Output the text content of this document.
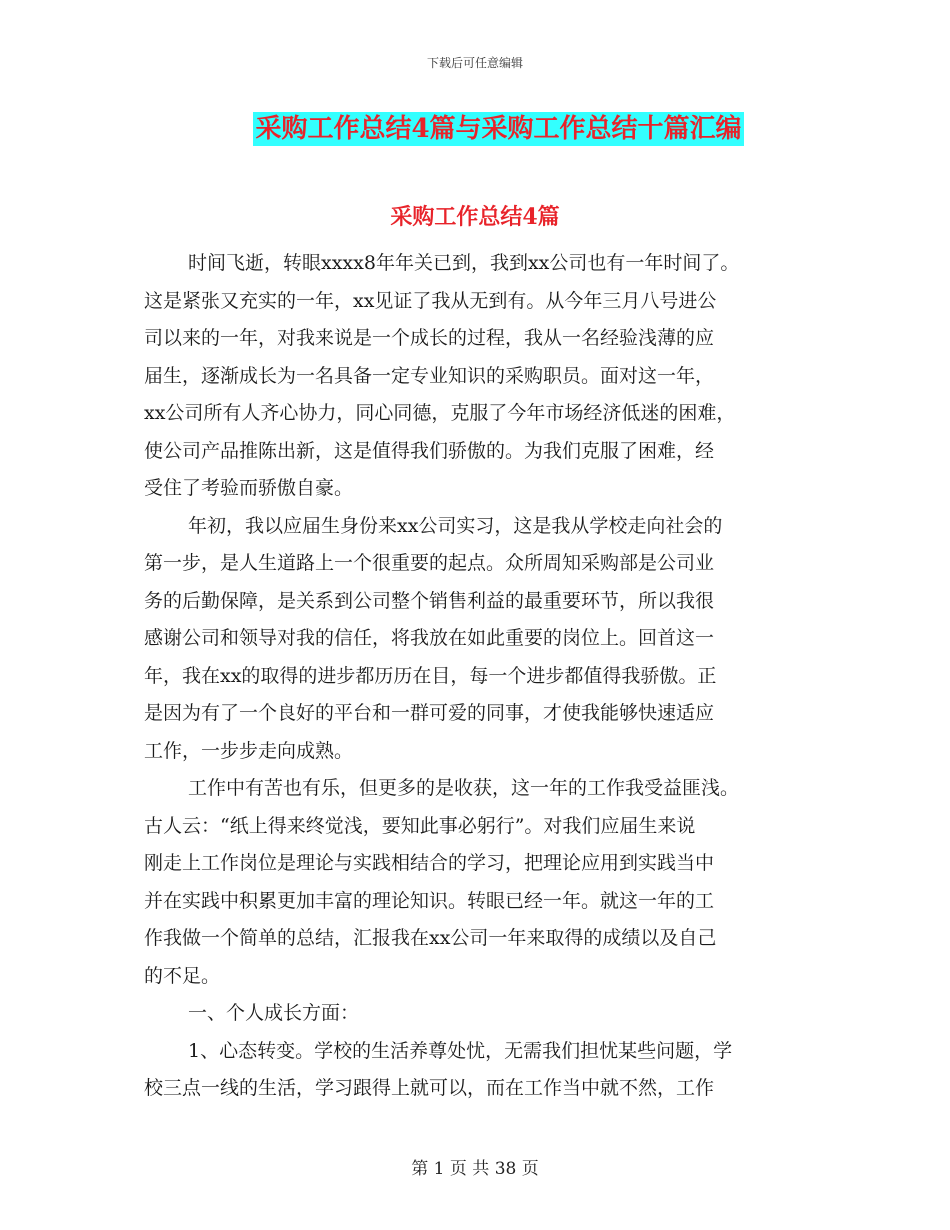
下载后可任意编辑
采购工作总结4篇与采购工作总结十篇汇编
采购工作总结4篇

时间飞逝，转眼xxxx8年年关已到，我到xx公司也有一年时间了。
这是紧张又充实的一年，xx见证了我从无到有。从今年三月八号进公
司以来的一年，对我来说是一个成长的过程，我从一名经验浅薄的应
届生，逐渐成长为一名具备一定专业知识的采购职员。面对这一年，
xx公司所有人齐心协力，同心同德，克服了今年市场经济低迷的困难，
使公司产品推陈出新，这是值得我们骄傲的。为我们克服了困难，经
受住了考验而骄傲自豪。

年初，我以应届生身份来xx公司实习，这是我从学校走向社会的
第一步，是人生道路上一个很重要的起点。众所周知采购部是公司业
务的后勤保障，是关系到公司整个销售利益的最重要环节，所以我很
感谢公司和领导对我的信任，将我放在如此重要的岗位上。回首这一
年，我在xx的取得的进步都历历在目，每一个进步都值得我骄傲。正
是因为有了一个良好的平台和一群可爱的同事，才使我能够快速适应
工作，一步步走向成熟。

工作中有苦也有乐，但更多的是收获，这一年的工作我受益匪浅。
古人云：“纸上得来终觉浅，要知此事必躬行”。对我们应届生来说
刚走上工作岗位是理论与实践相结合的学习，把理论应用到实践当中
并在实践中积累更加丰富的理论知识。转眼已经一年。就这一年的工
作我做一个简单的总结，汇报我在xx公司一年来取得的成绩以及自己
的不足。

一、个人成长方面：

1、心态转变。学校的生活养尊处忧，无需我们担忧某些问题，学
校三点一线的生活，学习跟得上就可以，而在工作当中就不然，工作

第 1 页 共 38 页
